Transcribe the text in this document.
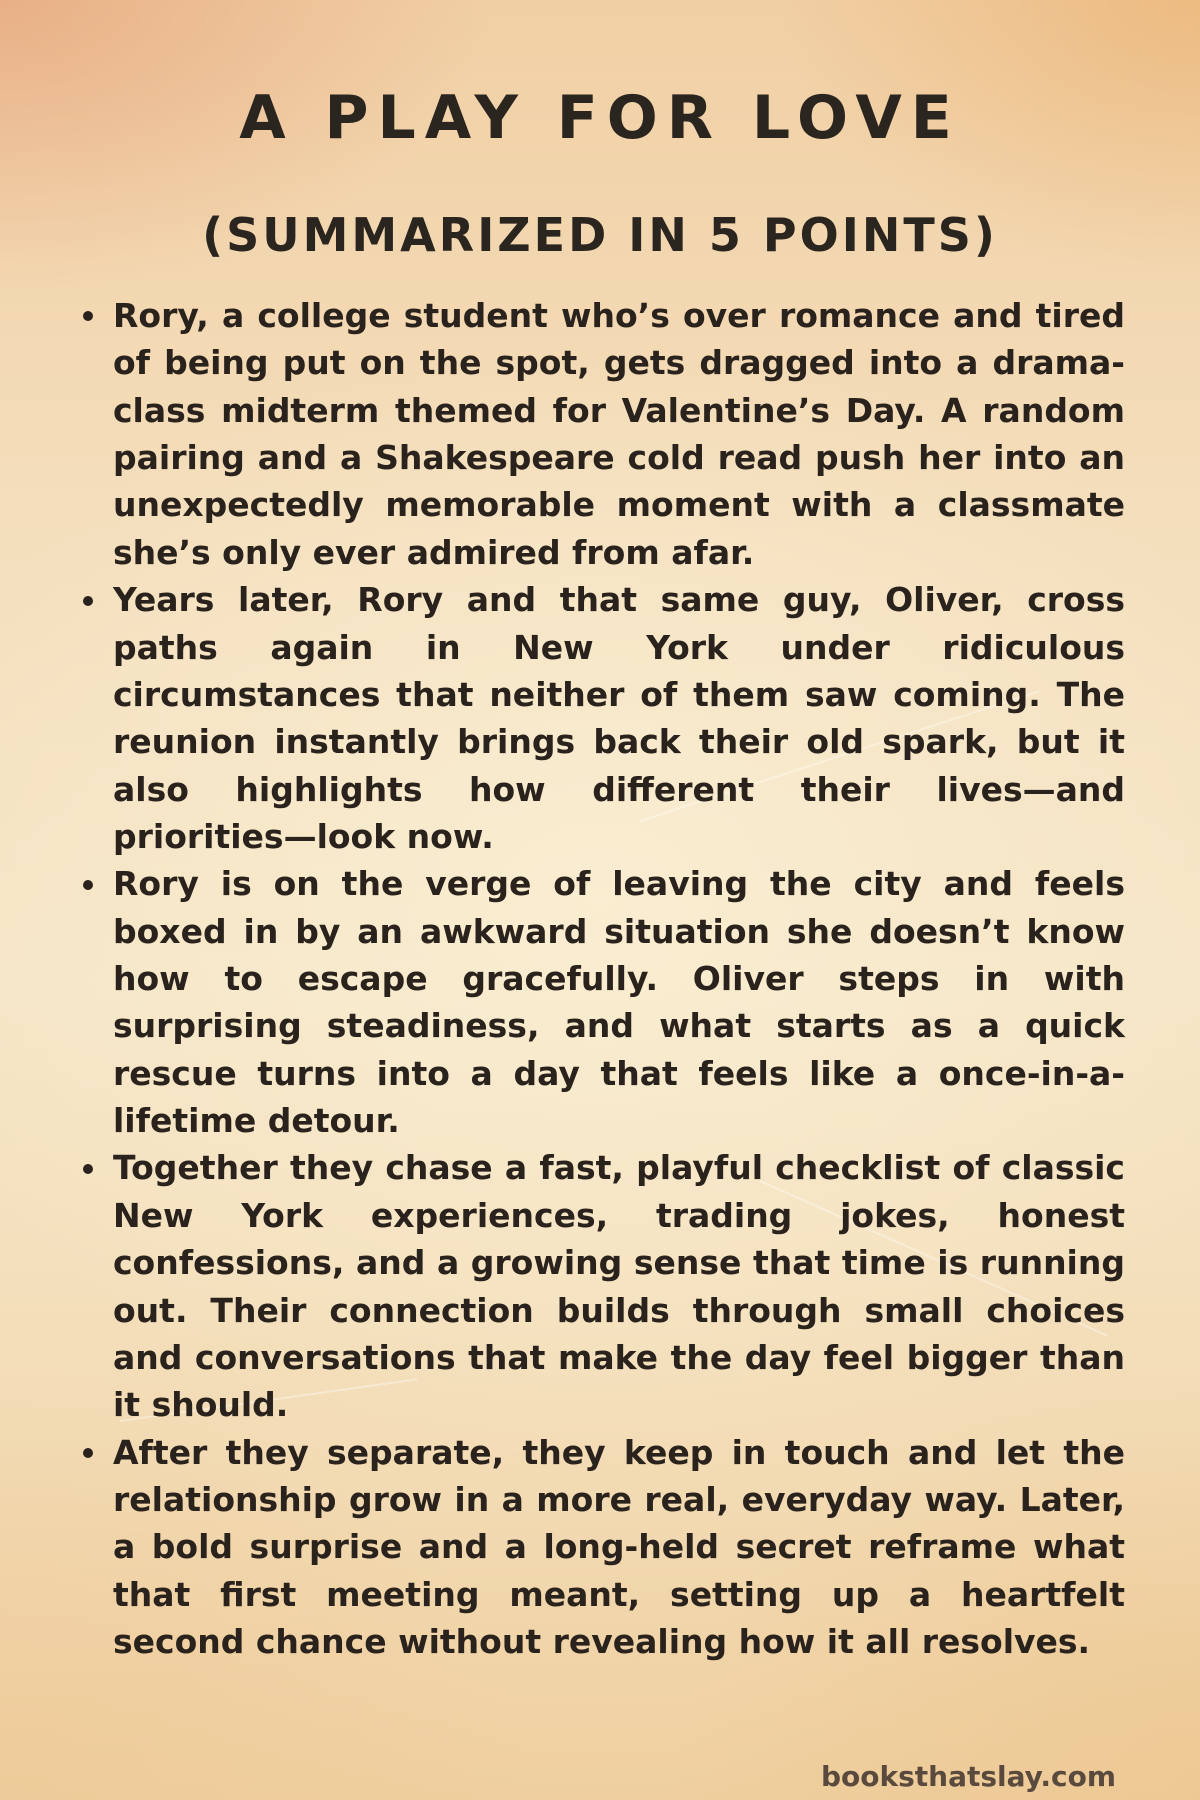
A PLAY FOR LOVE
(SUMMARIZED IN 5 POINTS)
Rory, a college student who’s over romance and tired of being put on the spot, gets dragged into a drama-class midterm themed for Valentine’s Day. A random pairing and a Shakespeare cold read push her into an unexpectedly memorable moment with a classmate she’s only ever admired from afar.
Years later, Rory and that same guy, Oliver, cross paths again in New York under ridiculous circumstances that neither of them saw coming. The reunion instantly brings back their old spark, but it also highlights how different their lives—and priorities—look now.
Rory is on the verge of leaving the city and feels boxed in by an awkward situation she doesn’t know how to escape gracefully. Oliver steps in with surprising steadiness, and what starts as a quick rescue turns into a day that feels like a once-in-a-lifetime detour.
Together they chase a fast, playful checklist of classic New York experiences, trading jokes, honest confessions, and a growing sense that time is running out. Their connection builds through small choices and conversations that make the day feel bigger than it should.
After they separate, they keep in touch and let the relationship grow in a more real, everyday way. Later, a bold surprise and a long-held secret reframe what that first meeting meant, setting up a heartfelt second chance without revealing how it all resolves.
booksthatslay.com
